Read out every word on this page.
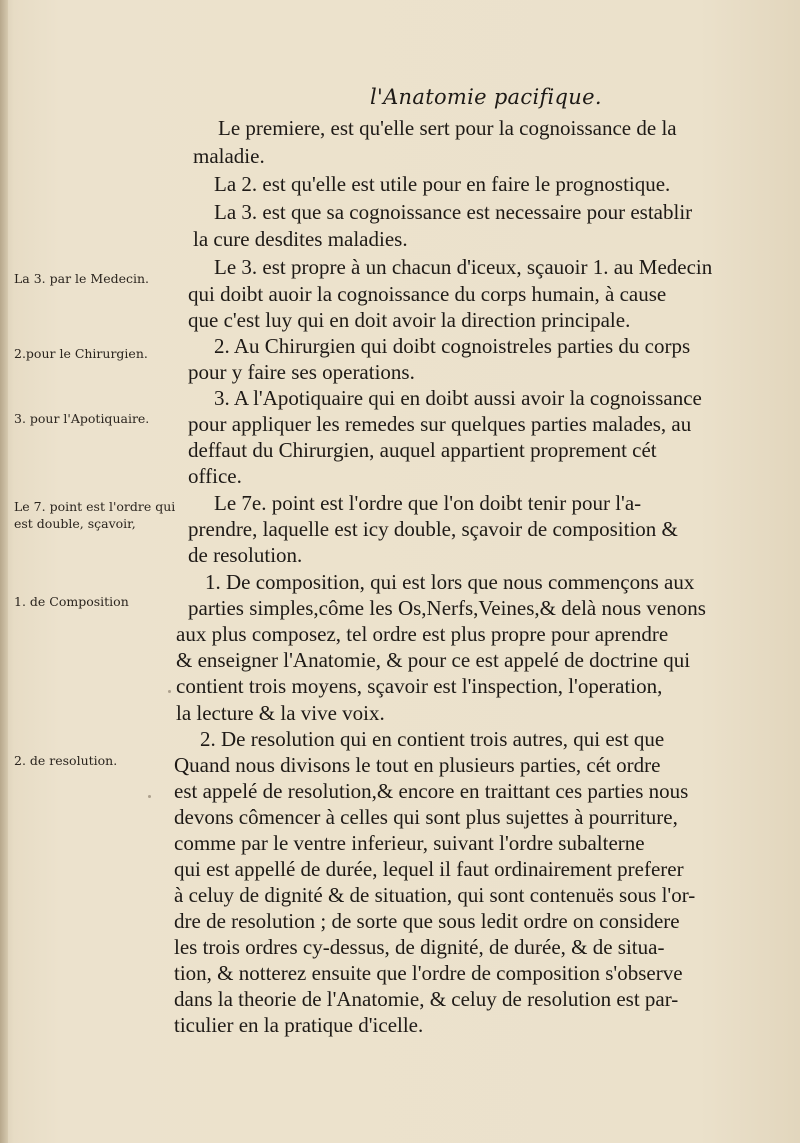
l'Anatomie pacifique.
La 3. par le Medecin.
2.pour le Chirurgien.
3. pour l'Apotiquaire.
Le 7. point est l'ordre qui est double, sçavoir,
1. de Composition
2. de resolution.
Le premiere, est qu'elle sert pour la cognoissance de la
maladie.
La 2. est qu'elle est utile pour en faire le prognostique.
La 3. est que sa cognoissance est necessaire pour establir
la cure desdites maladies.
Le 3. est propre à un chacun d'iceux, sçauoir 1. au Medecin
qui doibt auoir la cognoissance du corps humain, à cause
que c'est luy qui en doit avoir la direction principale.
2. Au Chirurgien qui doibt cognoistreles parties du corps
pour y faire ses operations.
3. A l'Apotiquaire qui en doibt aussi avoir la cognoissance
pour appliquer les remedes sur quelques parties malades, au
deffaut du Chirurgien, auquel appartient proprement cét
office.
Le 7e. point est l'ordre que l'on doibt tenir pour l'a-
prendre, laquelle est icy double, sçavoir de composition &
de resolution.
1. De composition, qui est lors que nous commençons aux
parties simples,côme les Os,Nerfs,Veines,& delà nous venons
aux plus composez, tel ordre est plus propre pour aprendre
& enseigner l'Anatomie, & pour ce est appelé de doctrine qui
contient trois moyens, sçavoir est l'inspection, l'operation,
la lecture & la vive voix.
2. De resolution qui en contient trois autres, qui est que
Quand nous divisons le tout en plusieurs parties, cét ordre
est appelé de resolution,& encore en traittant ces parties nous
devons cômencer à celles qui sont plus sujettes à pourriture,
comme par le ventre inferieur, suivant l'ordre subalterne
qui est appellé de durée, lequel il faut ordinairement preferer
à celuy de dignité & de situation, qui sont contenuës sous l'or-
dre de resolution ; de sorte que sous ledit ordre on considere
les trois ordres cy-dessus, de dignité, de durée, & de situa-
tion, & notterez ensuite que l'ordre de composition s'observe
dans la theorie de l'Anatomie, & celuy de resolution est par-
ticulier en la pratique d'icelle.
